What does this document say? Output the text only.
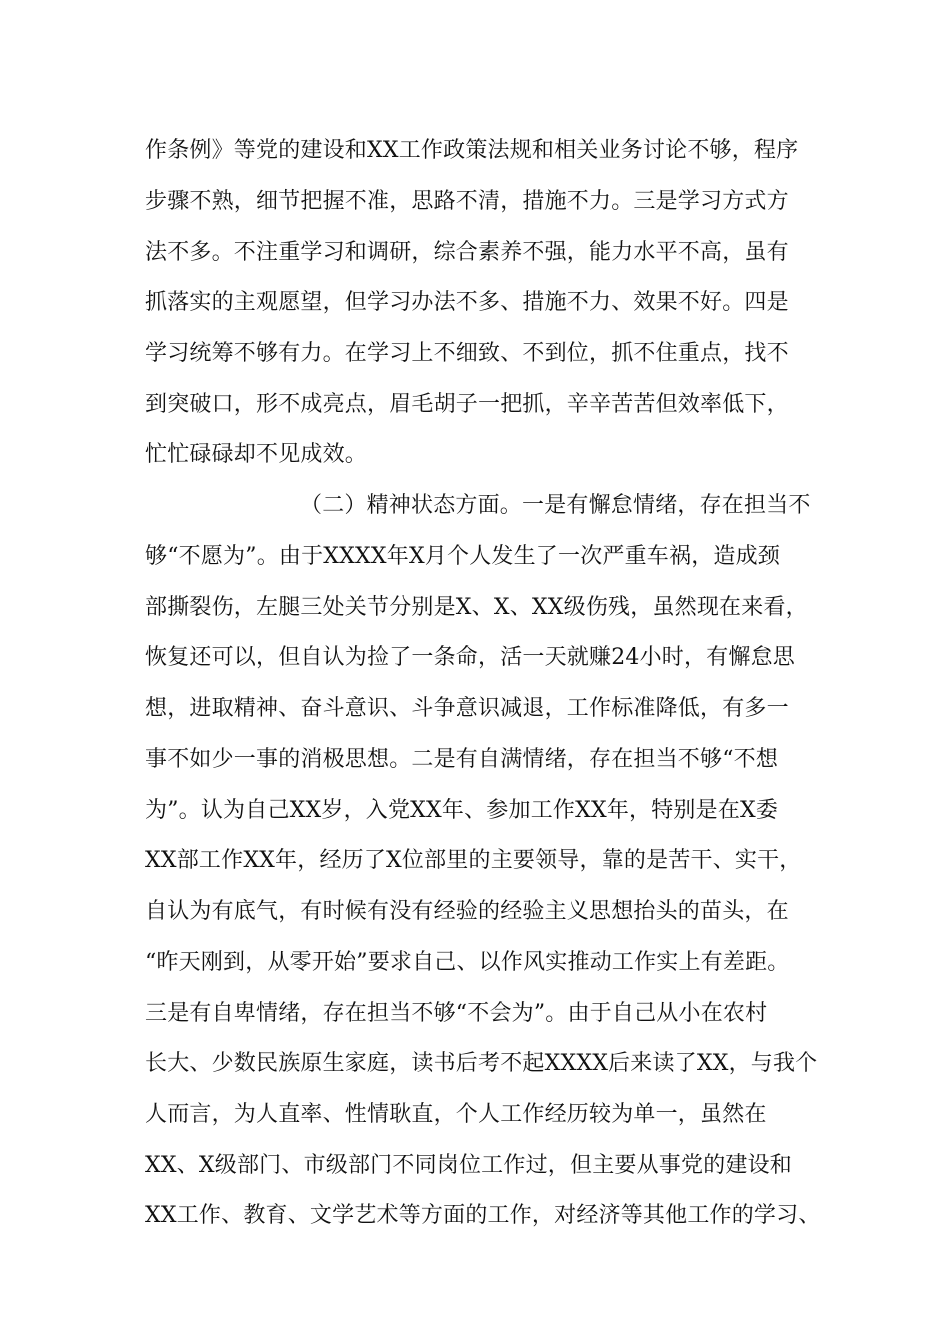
作条例》等党的建设和XX工作政策法规和相关业务讨论不够，程序
步骤不熟，细节把握不准，思路不清，措施不力。三是学习方式方
法不多。不注重学习和调研，综合素养不强，能力水平不高，虽有
抓落实的主观愿望，但学习办法不多、措施不力、效果不好。四是
学习统筹不够有力。在学习上不细致、不到位，抓不住重点，找不
到突破口，形不成亮点，眉毛胡子一把抓，辛辛苦苦但效率低下，
忙忙碌碌却不见成效。
（二）精神状态方面。一是有懈怠情绪，存在担当不
够“不愿为”。由于XXXX年X月个人发生了一次严重车祸，造成颈
部撕裂伤，左腿三处关节分别是X、X、XX级伤残，虽然现在来看，
恢复还可以，但自认为捡了一条命，活一天就赚24小时，有懈怠思
想，进取精神、奋斗意识、斗争意识减退，工作标准降低，有多一
事不如少一事的消极思想。二是有自满情绪，存在担当不够“不想
为”。认为自己XX岁，入党XX年、参加工作XX年，特别是在X委
XX部工作XX年，经历了X位部里的主要领导，靠的是苦干、实干，
自认为有底气，有时候有没有经验的经验主义思想抬头的苗头，在
“昨天刚到，从零开始”要求自己、以作风实推动工作实上有差距。
三是有自卑情绪，存在担当不够“不会为”。由于自己从小在农村
长大、少数民族原生家庭，读书后考不起XXXX后来读了XX，与我个
人而言，为人直率、性情耿直，个人工作经历较为单一，虽然在
XX、X级部门、市级部门不同岗位工作过，但主要从事党的建设和
XX工作、教育、文学艺术等方面的工作，对经济等其他工作的学习、
